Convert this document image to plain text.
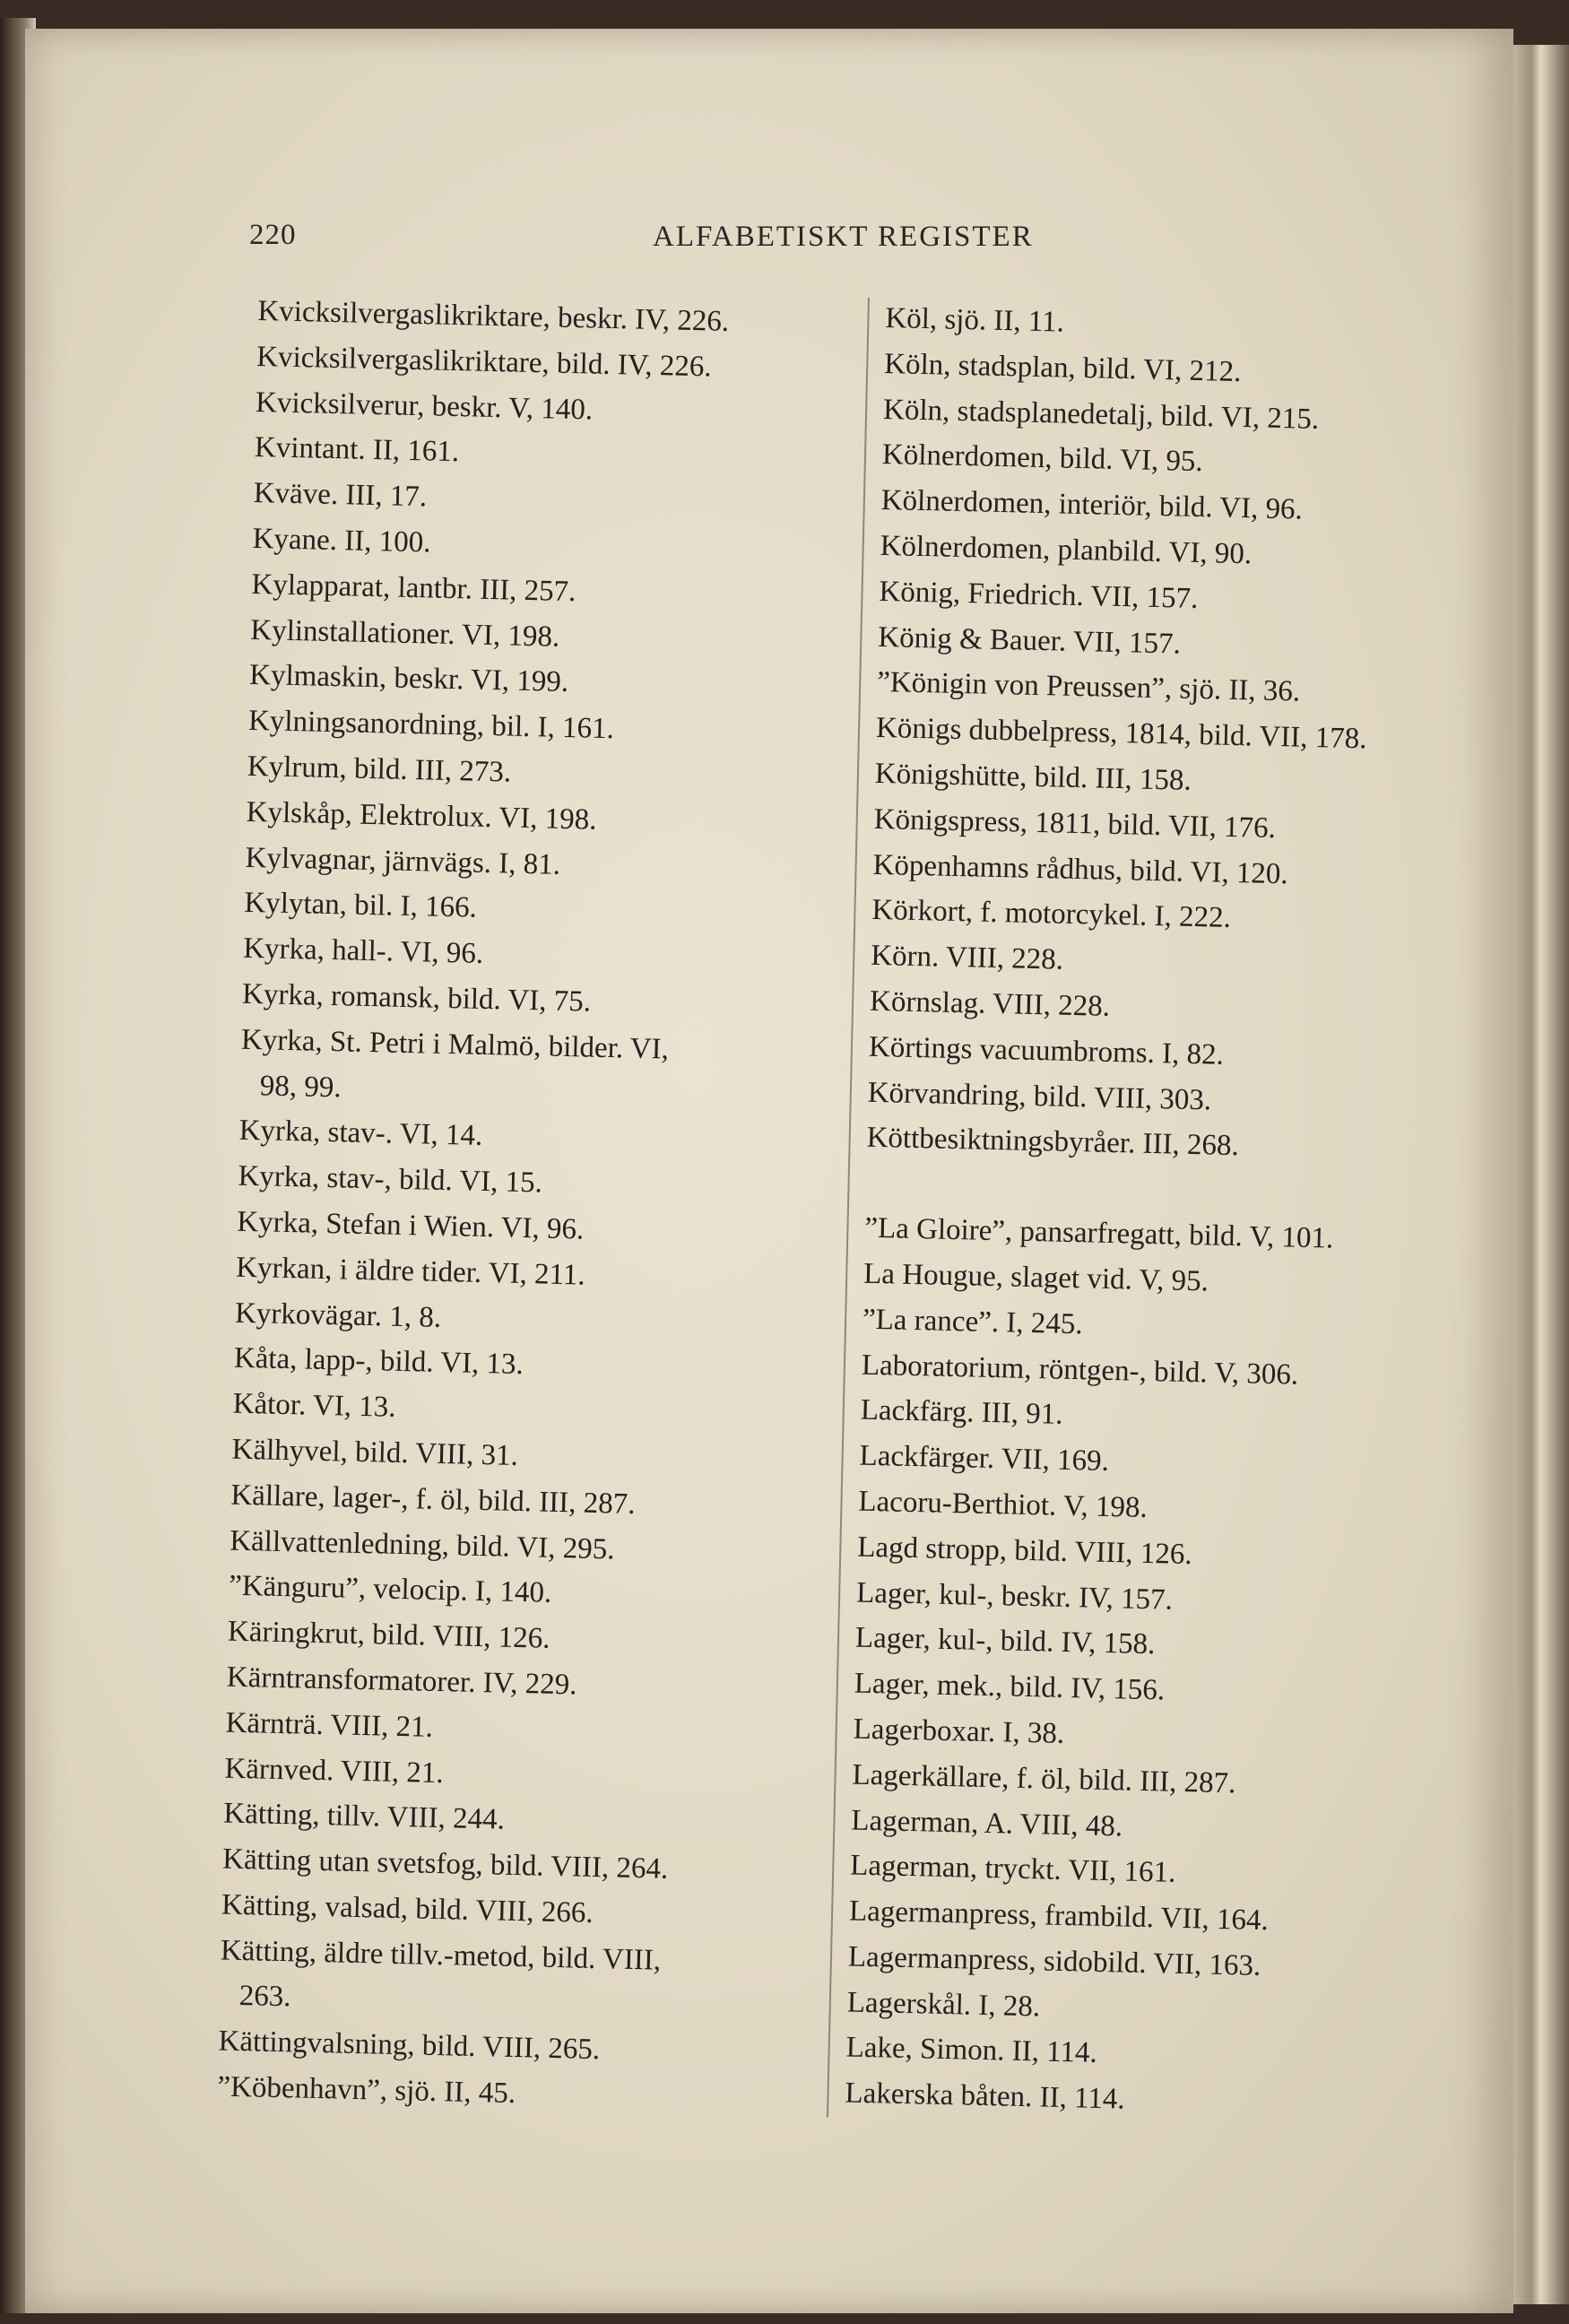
220	ALFABETISKT REGISTER
Kvicksilvergaslikriktare, beskr. IV, 226.
Kvicksilvergaslikriktare, bild. IV, 226.
Kvicksilverur, beskr. V, 140.
Kvintant. II, 161.
Kväve. III, 17.
Kyane. II, 100.
Kylapparat, lantbr. III, 257.
Kylinstallationer. VI, 198.
Kylmaskin, beskr. VI, 199.
Kylningsanordning, bil. I, 161.
Kylrum, bild. III, 273.
Kylskåp, Elektrolux. VI, 198.
Kylvagnar, järnvägs. I, 81.
Kylytan, bil. I, 166.
Kyrka, hall-. VI, 96.
Kyrka, romansk, bild. VI, 75.
Kyrka, St. Petri i Malmö, bilder. VI,
98, 99.
Kyrka, stav-. VI, 14.
Kyrka, stav-, bild. VI, 15.
Kyrka, Stefan i Wien. VI, 96.
Kyrkan, i äldre tider. VI, 211.
Kyrkovägar. 1, 8.
Kåta, lapp-, bild. VI, 13.
Kåtor. VI, 13.
Kälhyvel, bild. VIII, 31.
Källare, lager-, f. öl, bild. III, 287.
Källvattenledning, bild. VI, 295.
”Känguru”, velocip. I, 140.
Käringkrut, bild. VIII, 126.
Kärntransformatorer. IV, 229.
Kärnträ. VIII, 21.
Kärnved. VIII, 21.
Kätting, tillv. VIII, 244.
Kätting utan svetsfog, bild. VIII, 264.
Kätting, valsad, bild. VIII, 266.
Kätting, äldre tillv.-metod, bild. VIII,
263.
Kättingvalsning, bild. VIII, 265.
”Köbenhavn”, sjö. II, 45.
Köl, sjö. II, 11.
Köln, stadsplan, bild. VI, 212.
Köln, stadsplanedetalj, bild. VI, 215.
Kölnerdomen, bild. VI, 95.
Kölnerdomen, interiör, bild. VI, 96.
Kölnerdomen, planbild. VI, 90.
König, Friedrich. VII, 157.
König & Bauer. VII, 157.
”Königin von Preussen”, sjö. II, 36.
Königs dubbelpress, 1814, bild. VII, 178.
Königshütte, bild. III, 158.
Königspress, 1811, bild. VII, 176.
Köpenhamns rådhus, bild. VI, 120.
Körkort, f. motorcykel. I, 222.
Körn. VIII, 228.
Körnslag. VIII, 228.
Körtings vacuumbroms. I, 82.
Körvandring, bild. VIII, 303.
Köttbesiktningsbyråer. III, 268.
”La Gloire”, pansarfregatt, bild. V, 101.
La Hougue, slaget vid. V, 95.
”La rance”. I, 245.
Laboratorium, röntgen-, bild. V, 306.
Lackfärg. III, 91.
Lackfärger. VII, 169.
Lacoru-Berthiot. V, 198.
Lagd stropp, bild. VIII, 126.
Lager, kul-, beskr. IV, 157.
Lager, kul-, bild. IV, 158.
Lager, mek., bild. IV, 156.
Lagerboxar. I, 38.
Lagerkällare, f. öl, bild. III, 287.
Lagerman, A. VIII, 48.
Lagerman, tryckt. VII, 161.
Lagermanpress, frambild. VII, 164.
Lagermanpress, sidobild. VII, 163.
Lagerskål. I, 28.
Lake, Simon. II, 114.
Lakerska båten. II, 114.
